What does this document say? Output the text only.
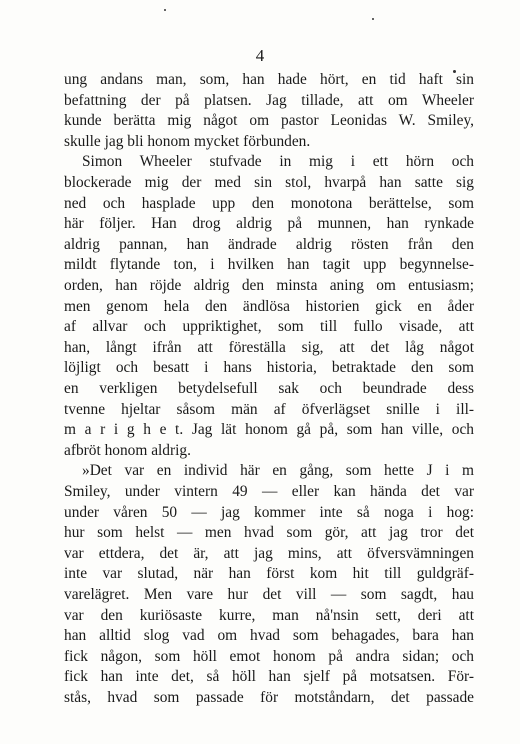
4
ung andans man, som, han hade hört, en tid haft sin
befattning der på platsen. Jag tillade, att om Wheeler
kunde berätta mig något om pastor Leonidas W. Smiley,
skulle jag bli honom mycket förbunden.
Simon Wheeler stufvade in mig i ett hörn och
blockerade mig der med sin stol, hvarpå han satte sig
ned och hasplade upp den monotona berättelse, som
här följer. Han drog aldrig på munnen, han rynkade
aldrig pannan, han ändrade aldrig rösten från den
mildt flytande ton, i hvilken han tagit upp begynnelse-
orden, han röjde aldrig den minsta aning om entusiasm;
men genom hela den ändlösa historien gick en åder
af allvar och uppriktighet, som till fullo visade, att
han, långt ifrån att föreställa sig, att det låg något
löjligt och besatt i hans historia, betraktade den som
en verkligen betydelsefull sak och beundrade dess
tvenne hjeltar såsom män af öfverlägset snille i ill-
m a r i g h e t. Jag lät honom gå på, som han ville, och
afbröt honom aldrig.
»Det var en individ här en gång, som hette J i m
Smiley, under vintern 49 — eller kan hända det var
under våren 50 — jag kommer inte så noga i hog:
hur som helst — men hvad som gör, att jag tror det
var ettdera, det är, att jag mins, att öfversvämningen
inte var slutad, när han först kom hit till guldgräf-
varelägret. Men vare hur det vill — som sagdt, hau
var den kuriösaste kurre, man nå'nsin sett, deri att
han alltid slog vad om hvad som behagades, bara han
fick någon, som höll emot honom på andra sidan; och
fick han inte det, så höll han sjelf på motsatsen. För-
stås, hvad som passade för motståndarn, det passade
